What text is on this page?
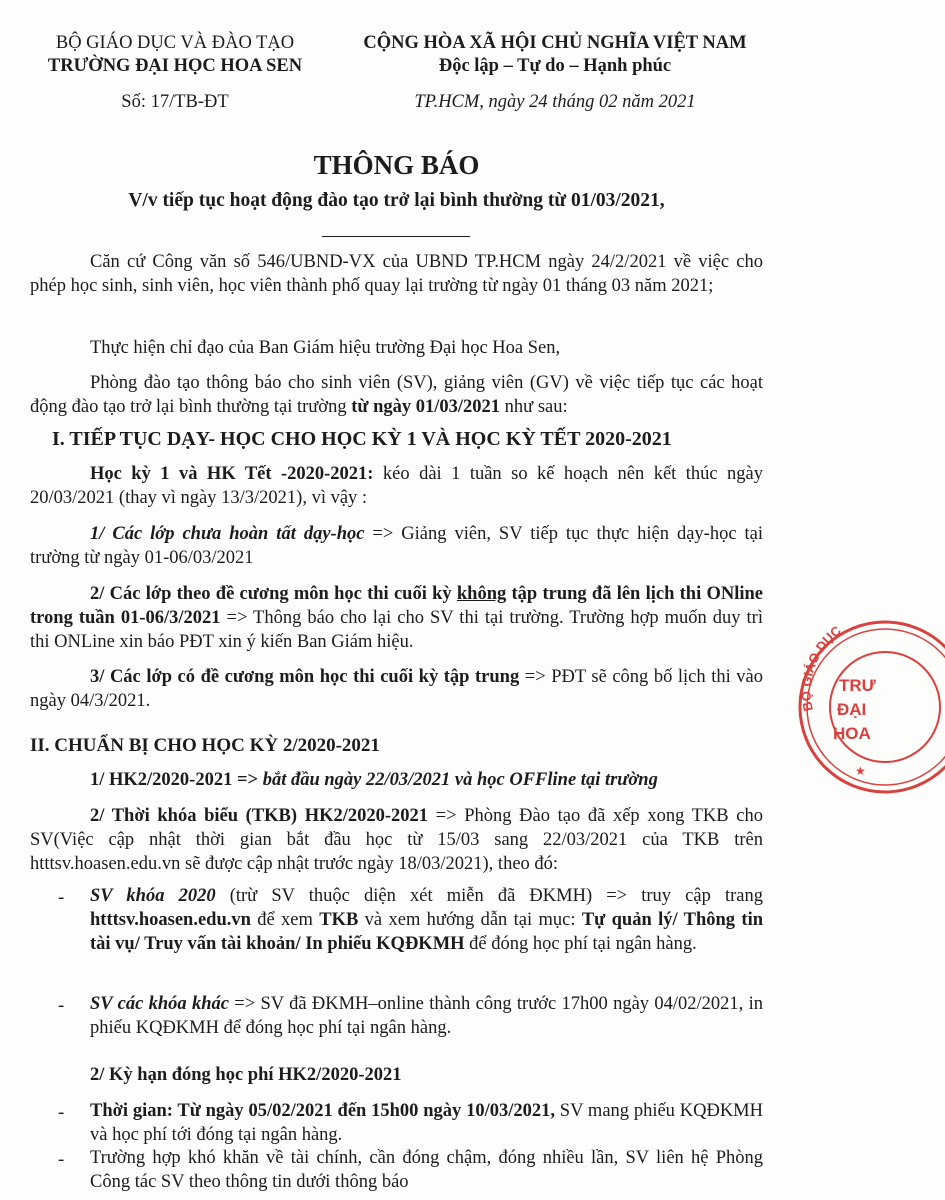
BỘ GIÁO DỤC VÀ ĐÀO TẠO
TRƯỜNG ĐẠI HỌC HOA SEN
CỘNG HÒA XÃ HỘI CHỦ NGHĨA VIỆT NAM
Độc lập – Tự do – Hạnh phúc
Số: 17/TB-ĐT	TP.HCM, ngày 24 tháng 02 năm 2021
THÔNG BÁO
V/v tiếp tục hoạt động đào tạo trở lại bình thường từ 01/03/2021,
Căn cứ Công văn số 546/UBND-VX của UBND TP.HCM ngày 24/2/2021 về việc cho phép học sinh, sinh viên, học viên thành phố quay lại trường từ ngày 01 tháng 03 năm 2021;
Thực hiện chỉ đạo của Ban Giám hiệu trường Đại học Hoa Sen,
Phòng đào tạo thông báo cho sinh viên (SV), giảng viên (GV) về việc tiếp tục các hoạt động đào tạo trở lại bình thường tại trường từ ngày 01/03/2021 như sau:
I. TIẾP TỤC DẠY- HỌC CHO HỌC KỲ 1 VÀ HỌC KỲ TẾT 2020-2021
Học kỳ 1 và HK Tết -2020-2021: kéo dài 1 tuần so kế hoạch nên kết thúc ngày 20/03/2021 (thay vì ngày 13/3/2021), vì vậy :
1/ Các lớp chưa hoàn tất dạy-học => Giảng viên, SV tiếp tục thực hiện dạy-học tại trường từ ngày 01-06/03/2021
2/ Các lớp theo đề cương môn học thi cuối kỳ không tập trung đã lên lịch thi ONline trong tuần 01-06/3/2021 => Thông báo cho lại cho SV thi tại trường. Trường hợp muốn duy trì thi ONLine xin báo PĐT xin ý kiến Ban Giám hiệu.
3/ Các lớp có đề cương môn học thi cuối kỳ tập trung => PĐT sẽ công bố lịch thi vào ngày 04/3/2021.
II. CHUẨN BỊ CHO HỌC KỲ 2/2020-2021
1/ HK2/2020-2021 => bắt đầu ngày 22/03/2021 và học OFFline tại trường
2/ Thời khóa biểu (TKB) HK2/2020-2021 => Phòng Đào tạo đã xếp xong TKB cho SV(Việc cập nhật thời gian bắt đầu học từ 15/03 sang 22/03/2021 của TKB trên htttsv.hoasen.edu.vn sẽ được cập nhật trước ngày 18/03/2021), theo đó:
- SV khóa 2020 (trừ SV thuộc diện xét miễn đã ĐKMH) => truy cập trang htttsv.hoasen.edu.vn để xem TKB và xem hướng dẫn tại mục: Tự quản lý/ Thông tin tài vụ/ Truy vấn tài khoản/ In phiếu KQĐKMH để đóng học phí tại ngân hàng.
- SV các khóa khác => SV đã ĐKMH–online thành công trước 17h00 ngày 04/02/2021, in phiếu KQĐKMH để đóng học phí tại ngân hàng.
2/ Kỳ hạn đóng học phí HK2/2020-2021
- Thời gian: Từ ngày 05/02/2021 đến 15h00 ngày 10/03/2021, SV mang phiếu KQĐKMH và học phí tới đóng tại ngân hàng.
- Trường hợp khó khăn về tài chính, cần đóng chậm, đóng nhiều lần, SV liên hệ Phòng Công tác SV theo thông tin dưới thông báo
BỘ GIÁO DỤC
TRƯ
ĐẠI
HOA
★
